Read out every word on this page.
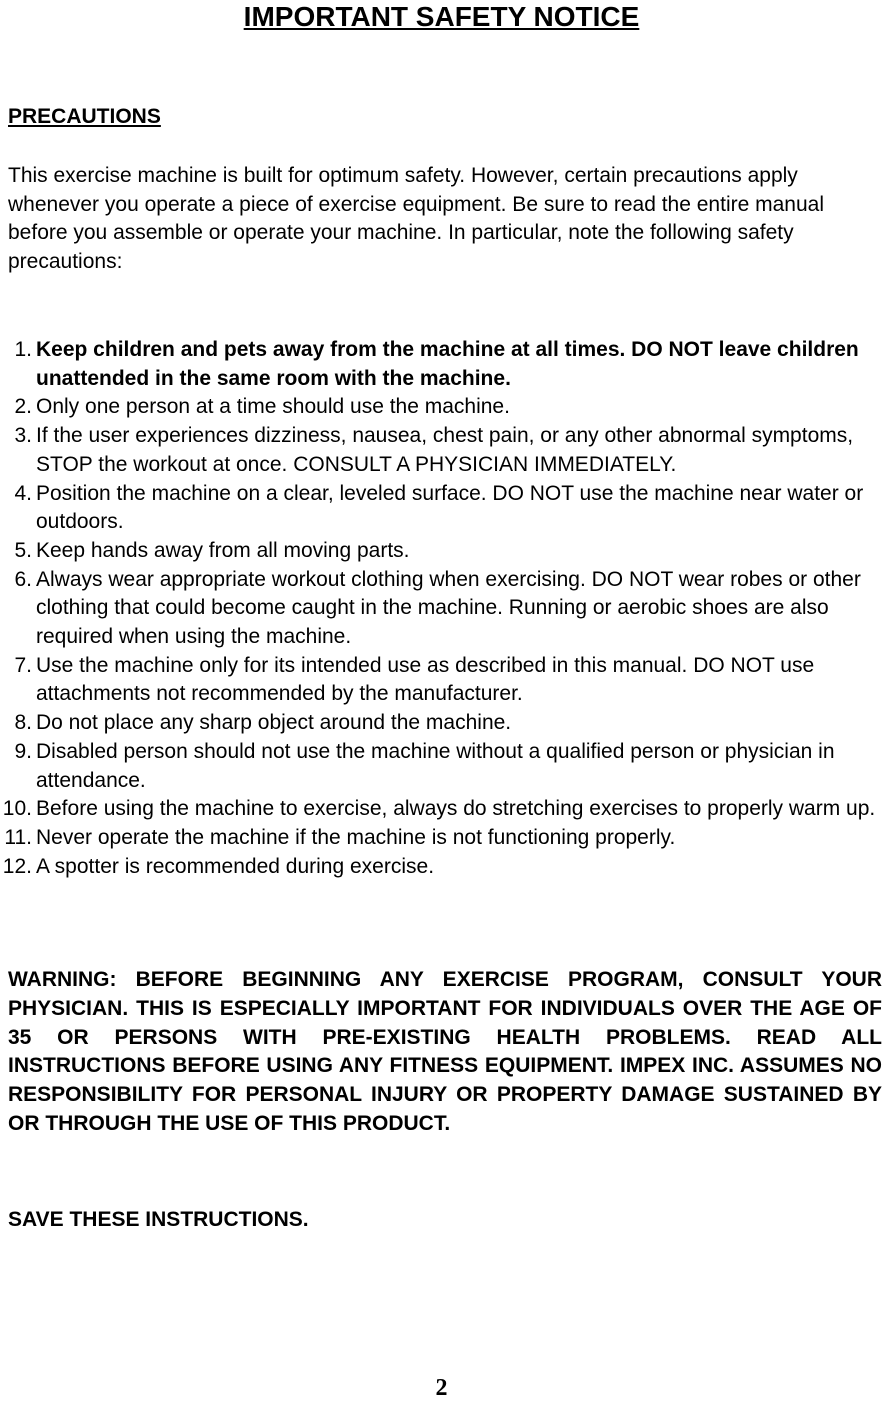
IMPORTANT SAFETY NOTICE
PRECAUTIONS
This exercise machine is built for optimum safety. However, certain precautions apply whenever you operate a piece of exercise equipment. Be sure to read the entire manual before you assemble or operate your machine. In particular, note the following safety precautions:
1. Keep children and pets away from the machine at all times. DO NOT leave children unattended in the same room with the machine.
2. Only one person at a time should use the machine.
3. If the user experiences dizziness, nausea, chest pain, or any other abnormal symptoms, STOP the workout at once. CONSULT A PHYSICIAN IMMEDIATELY.
4. Position the machine on a clear, leveled surface. DO NOT use the machine near water or outdoors.
5. Keep hands away from all moving parts.
6. Always wear appropriate workout clothing when exercising. DO NOT wear robes or other clothing that could become caught in the machine. Running or aerobic shoes are also required when using the machine.
7. Use the machine only for its intended use as described in this manual. DO NOT use attachments not recommended by the manufacturer.
8. Do not place any sharp object around the machine.
9. Disabled person should not use the machine without a qualified person or physician in attendance.
10. Before using the machine to exercise, always do stretching exercises to properly warm up.
11. Never operate the machine if the machine is not functioning properly.
12. A spotter is recommended during exercise.
WARNING: BEFORE BEGINNING ANY EXERCISE PROGRAM, CONSULT YOUR PHYSICIAN. THIS IS ESPECIALLY IMPORTANT FOR INDIVIDUALS OVER THE AGE OF 35 OR PERSONS WITH PRE-EXISTING HEALTH PROBLEMS. READ ALL INSTRUCTIONS BEFORE USING ANY FITNESS EQUIPMENT. IMPEX INC. ASSUMES NO RESPONSIBILITY FOR PERSONAL INJURY OR PROPERTY DAMAGE SUSTAINED BY OR THROUGH THE USE OF THIS PRODUCT.
SAVE THESE INSTRUCTIONS.
2
